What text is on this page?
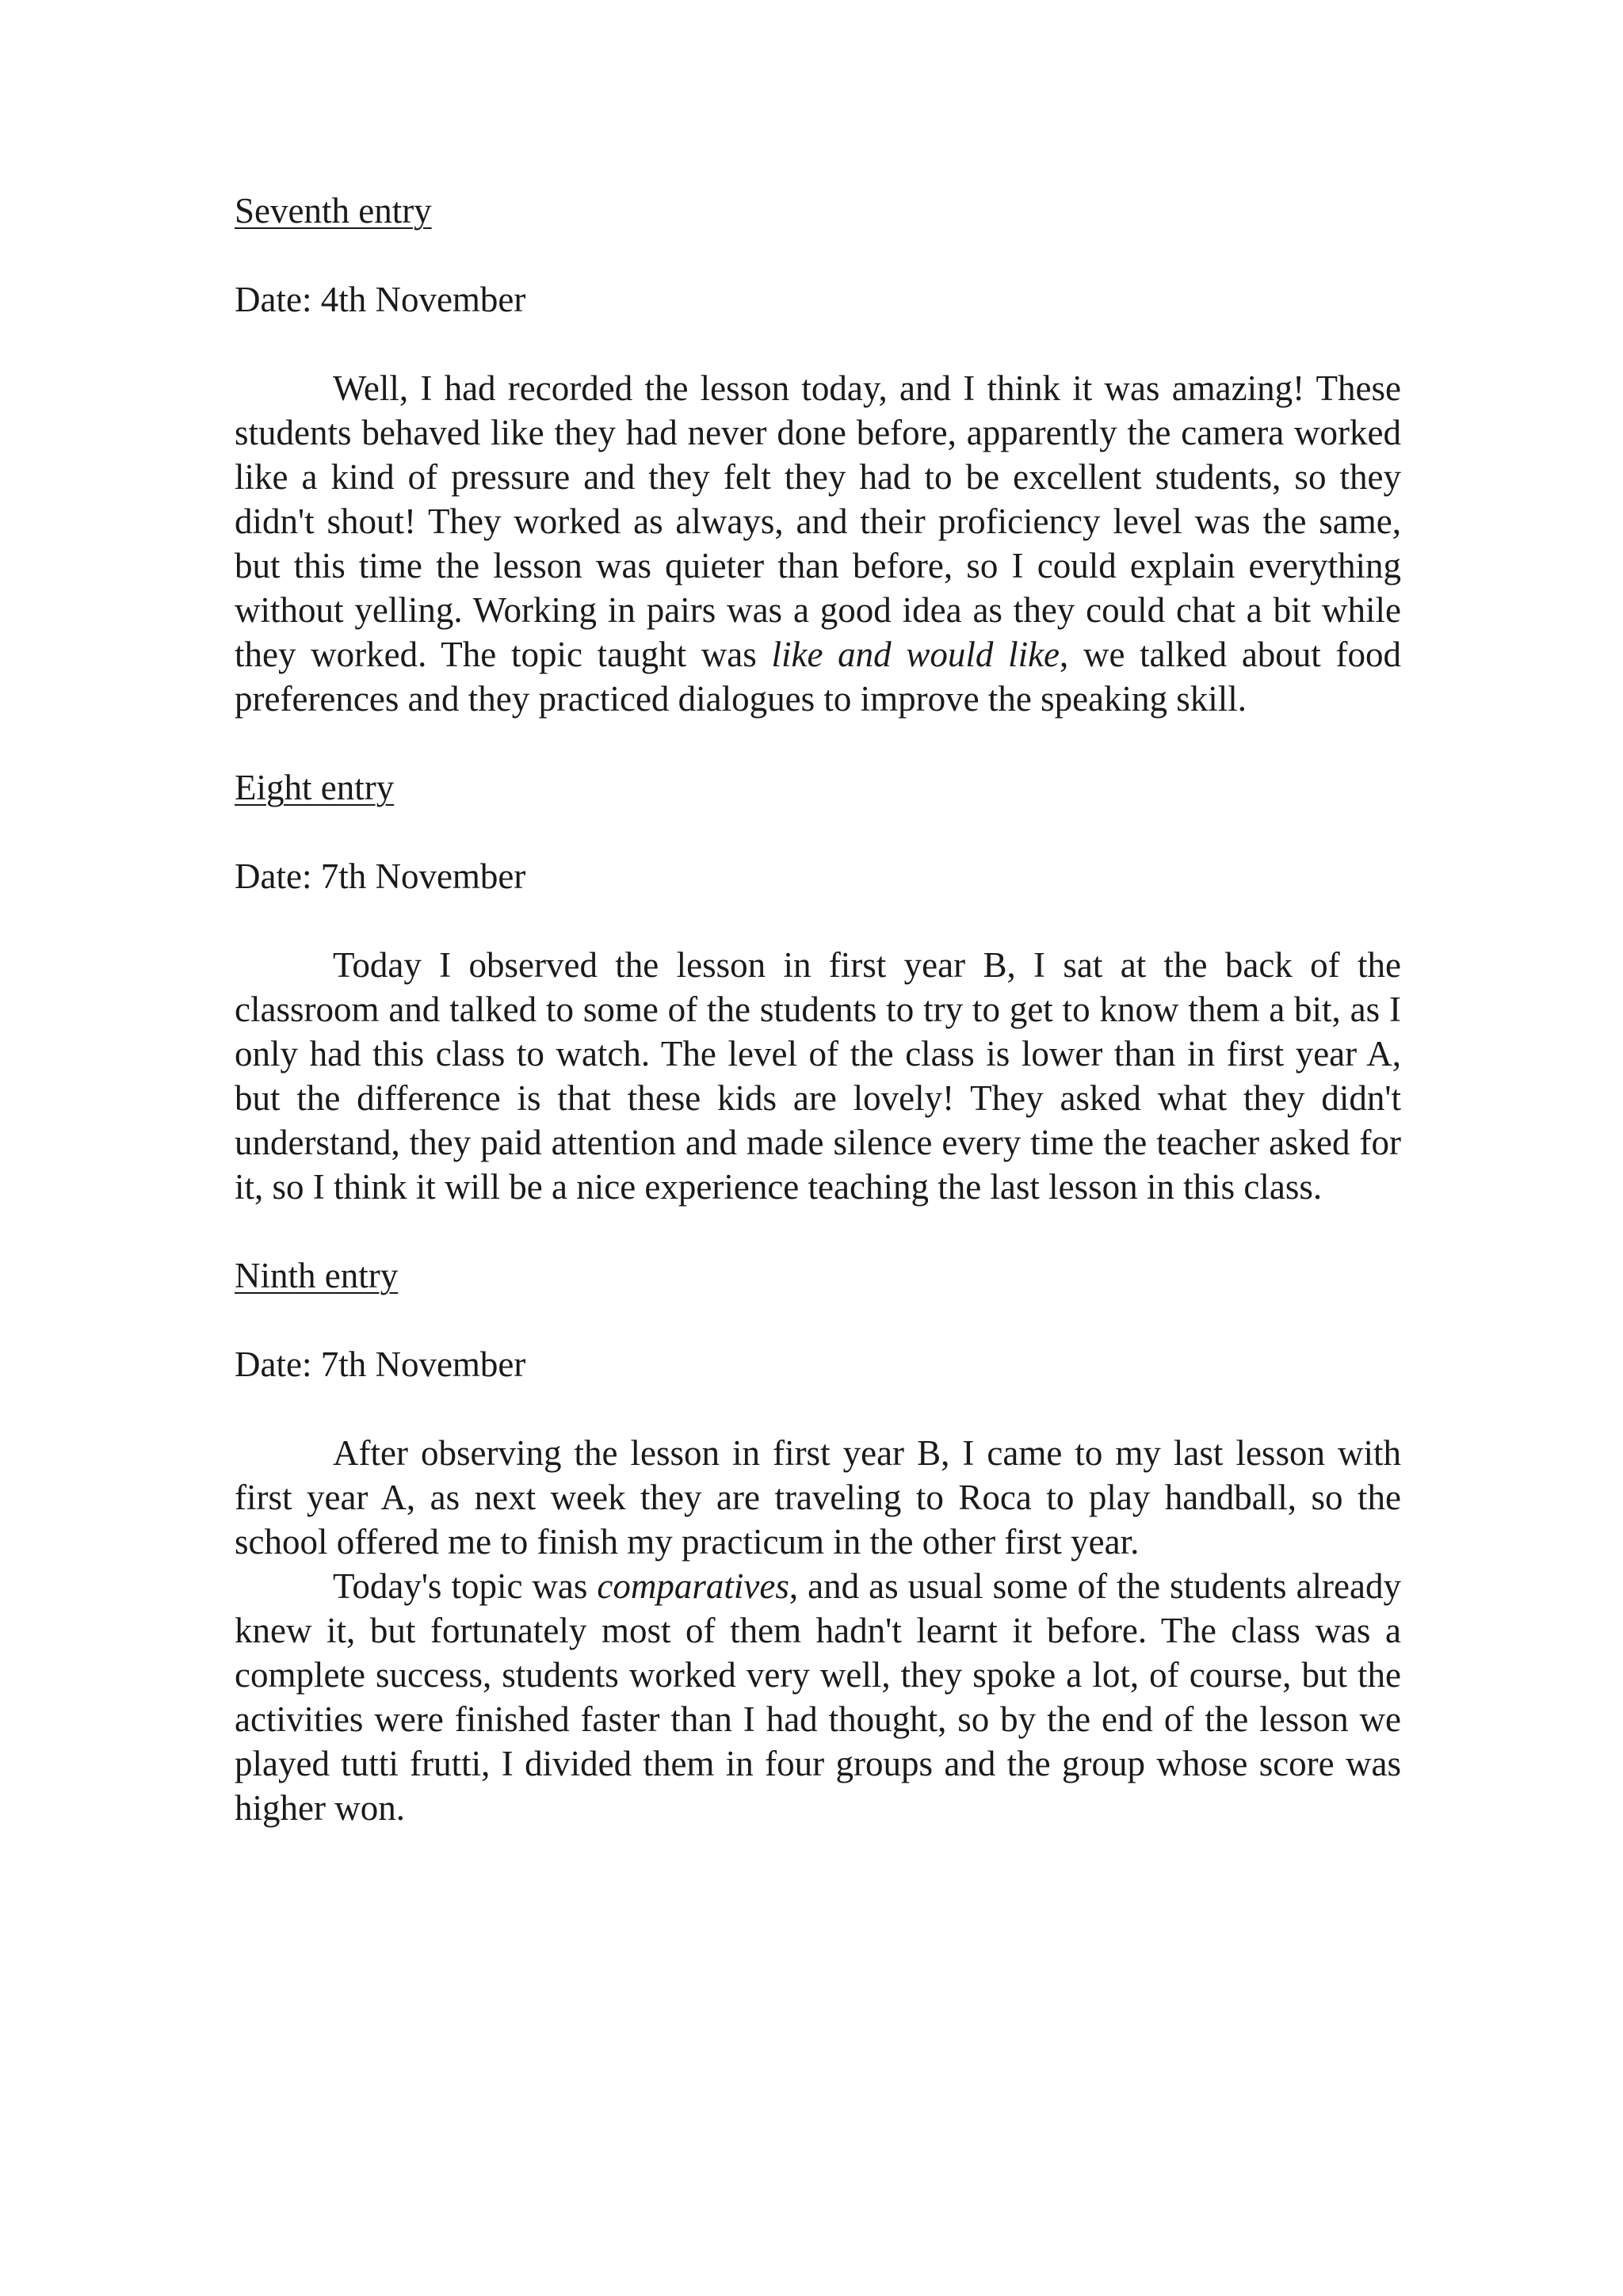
Seventh entry

Date: 4th November

Well, I had recorded the lesson today, and I think it was amazing! These students behaved like they had never done before, apparently the camera worked like a kind of pressure and they felt they had to be excellent students, so they didn't shout! They worked as always, and their proficiency level was the same, but this time the lesson was quieter than before, so I could explain everything without yelling. Working in pairs was a good idea as they could chat a bit while they worked. The topic taught was like and would like, we talked about food preferences and they practiced dialogues to improve the speaking skill.

Eight entry

Date: 7th November

Today I observed the lesson in first year B, I sat at the back of the classroom and talked to some of the students to try to get to know them a bit, as I only had this class to watch. The level of the class is lower than in first year A, but the difference is that these kids are lovely! They asked what they didn't understand, they paid attention and made silence every time the teacher asked for it, so I think it will be a nice experience teaching the last lesson in this class.

Ninth entry

Date: 7th November

After observing the lesson in first year B, I came to my last lesson with first year A, as next week they are traveling to Roca to play handball, so the school offered me to finish my practicum in the other first year.

Today's topic was comparatives, and as usual some of the students already knew it, but fortunately most of them hadn't learnt it before. The class was a complete success, students worked very well, they spoke a lot, of course, but the activities were finished faster than I had thought, so by the end of the lesson we played tutti frutti, I divided them in four groups and the group whose score was higher won.
